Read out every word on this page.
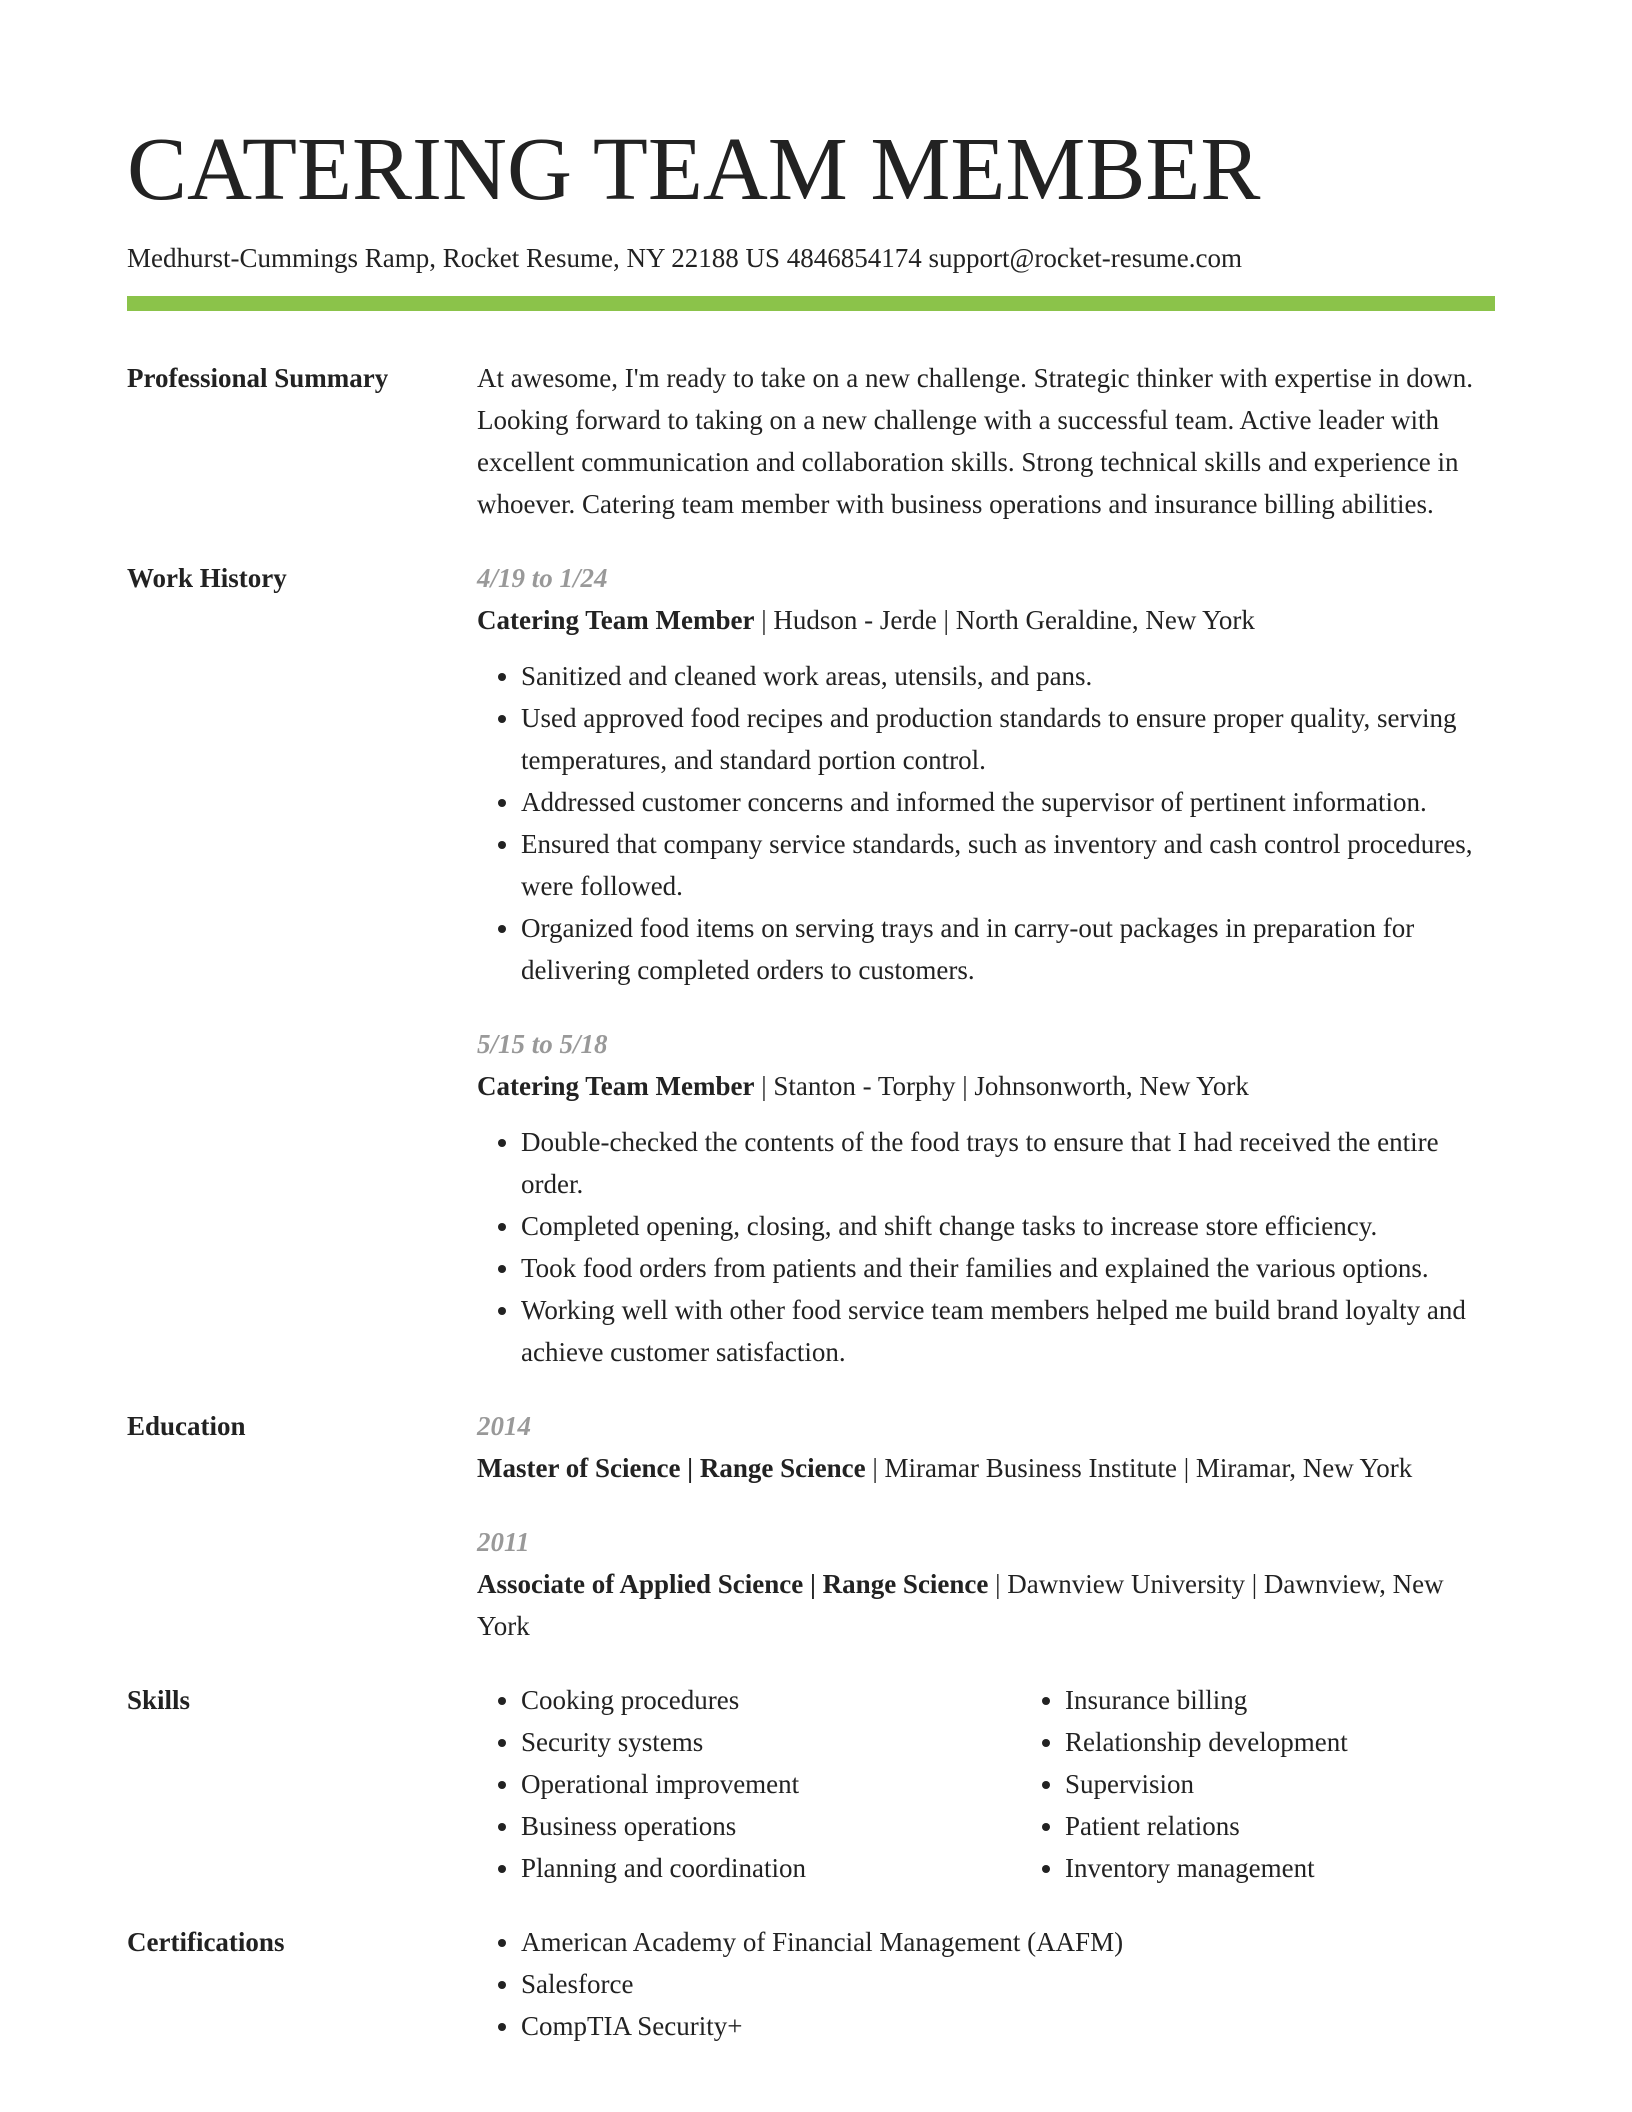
CATERING TEAM MEMBER
Medhurst-Cummings Ramp, Rocket Resume, NY 22188 US 4846854174 support@rocket-resume.com
Professional Summary	At awesome, I'm ready to take on a new challenge. Strategic thinker with expertise in down. Looking forward to taking on a new challenge with a successful team. Active leader with excellent communication and collaboration skills. Strong technical skills and experience in whoever. Catering team member with business operations and insurance billing abilities.

Work History	4/19 to 1/24
Catering Team Member | Hudson - Jerde | North Geraldine, New York
• Sanitized and cleaned work areas, utensils, and pans.
• Used approved food recipes and production standards to ensure proper quality, serving temperatures, and standard portion control.
• Addressed customer concerns and informed the supervisor of pertinent information.
• Ensured that company service standards, such as inventory and cash control procedures, were followed.
• Organized food items on serving trays and in carry-out packages in preparation for delivering completed orders to customers.
5/15 to 5/18
Catering Team Member | Stanton - Torphy | Johnsonworth, New York
• Double-checked the contents of the food trays to ensure that I had received the entire order.
• Completed opening, closing, and shift change tasks to increase store efficiency.
• Took food orders from patients and their families and explained the various options.
• Working well with other food service team members helped me build brand loyalty and achieve customer satisfaction.
Education	2014
Master of Science | Range Science | Miramar Business Institute | Miramar, New York
2011
Associate of Applied Science | Range Science | Dawnview University | Dawnview, New York
Skills	• Cooking procedures
• Security systems
• Operational improvement
• Business operations
• Planning and coordination
• Insurance billing
• Relationship development
• Supervision
• Patient relations
• Inventory management
Certifications	• American Academy of Financial Management (AAFM)
• Salesforce
• CompTIA Security+
